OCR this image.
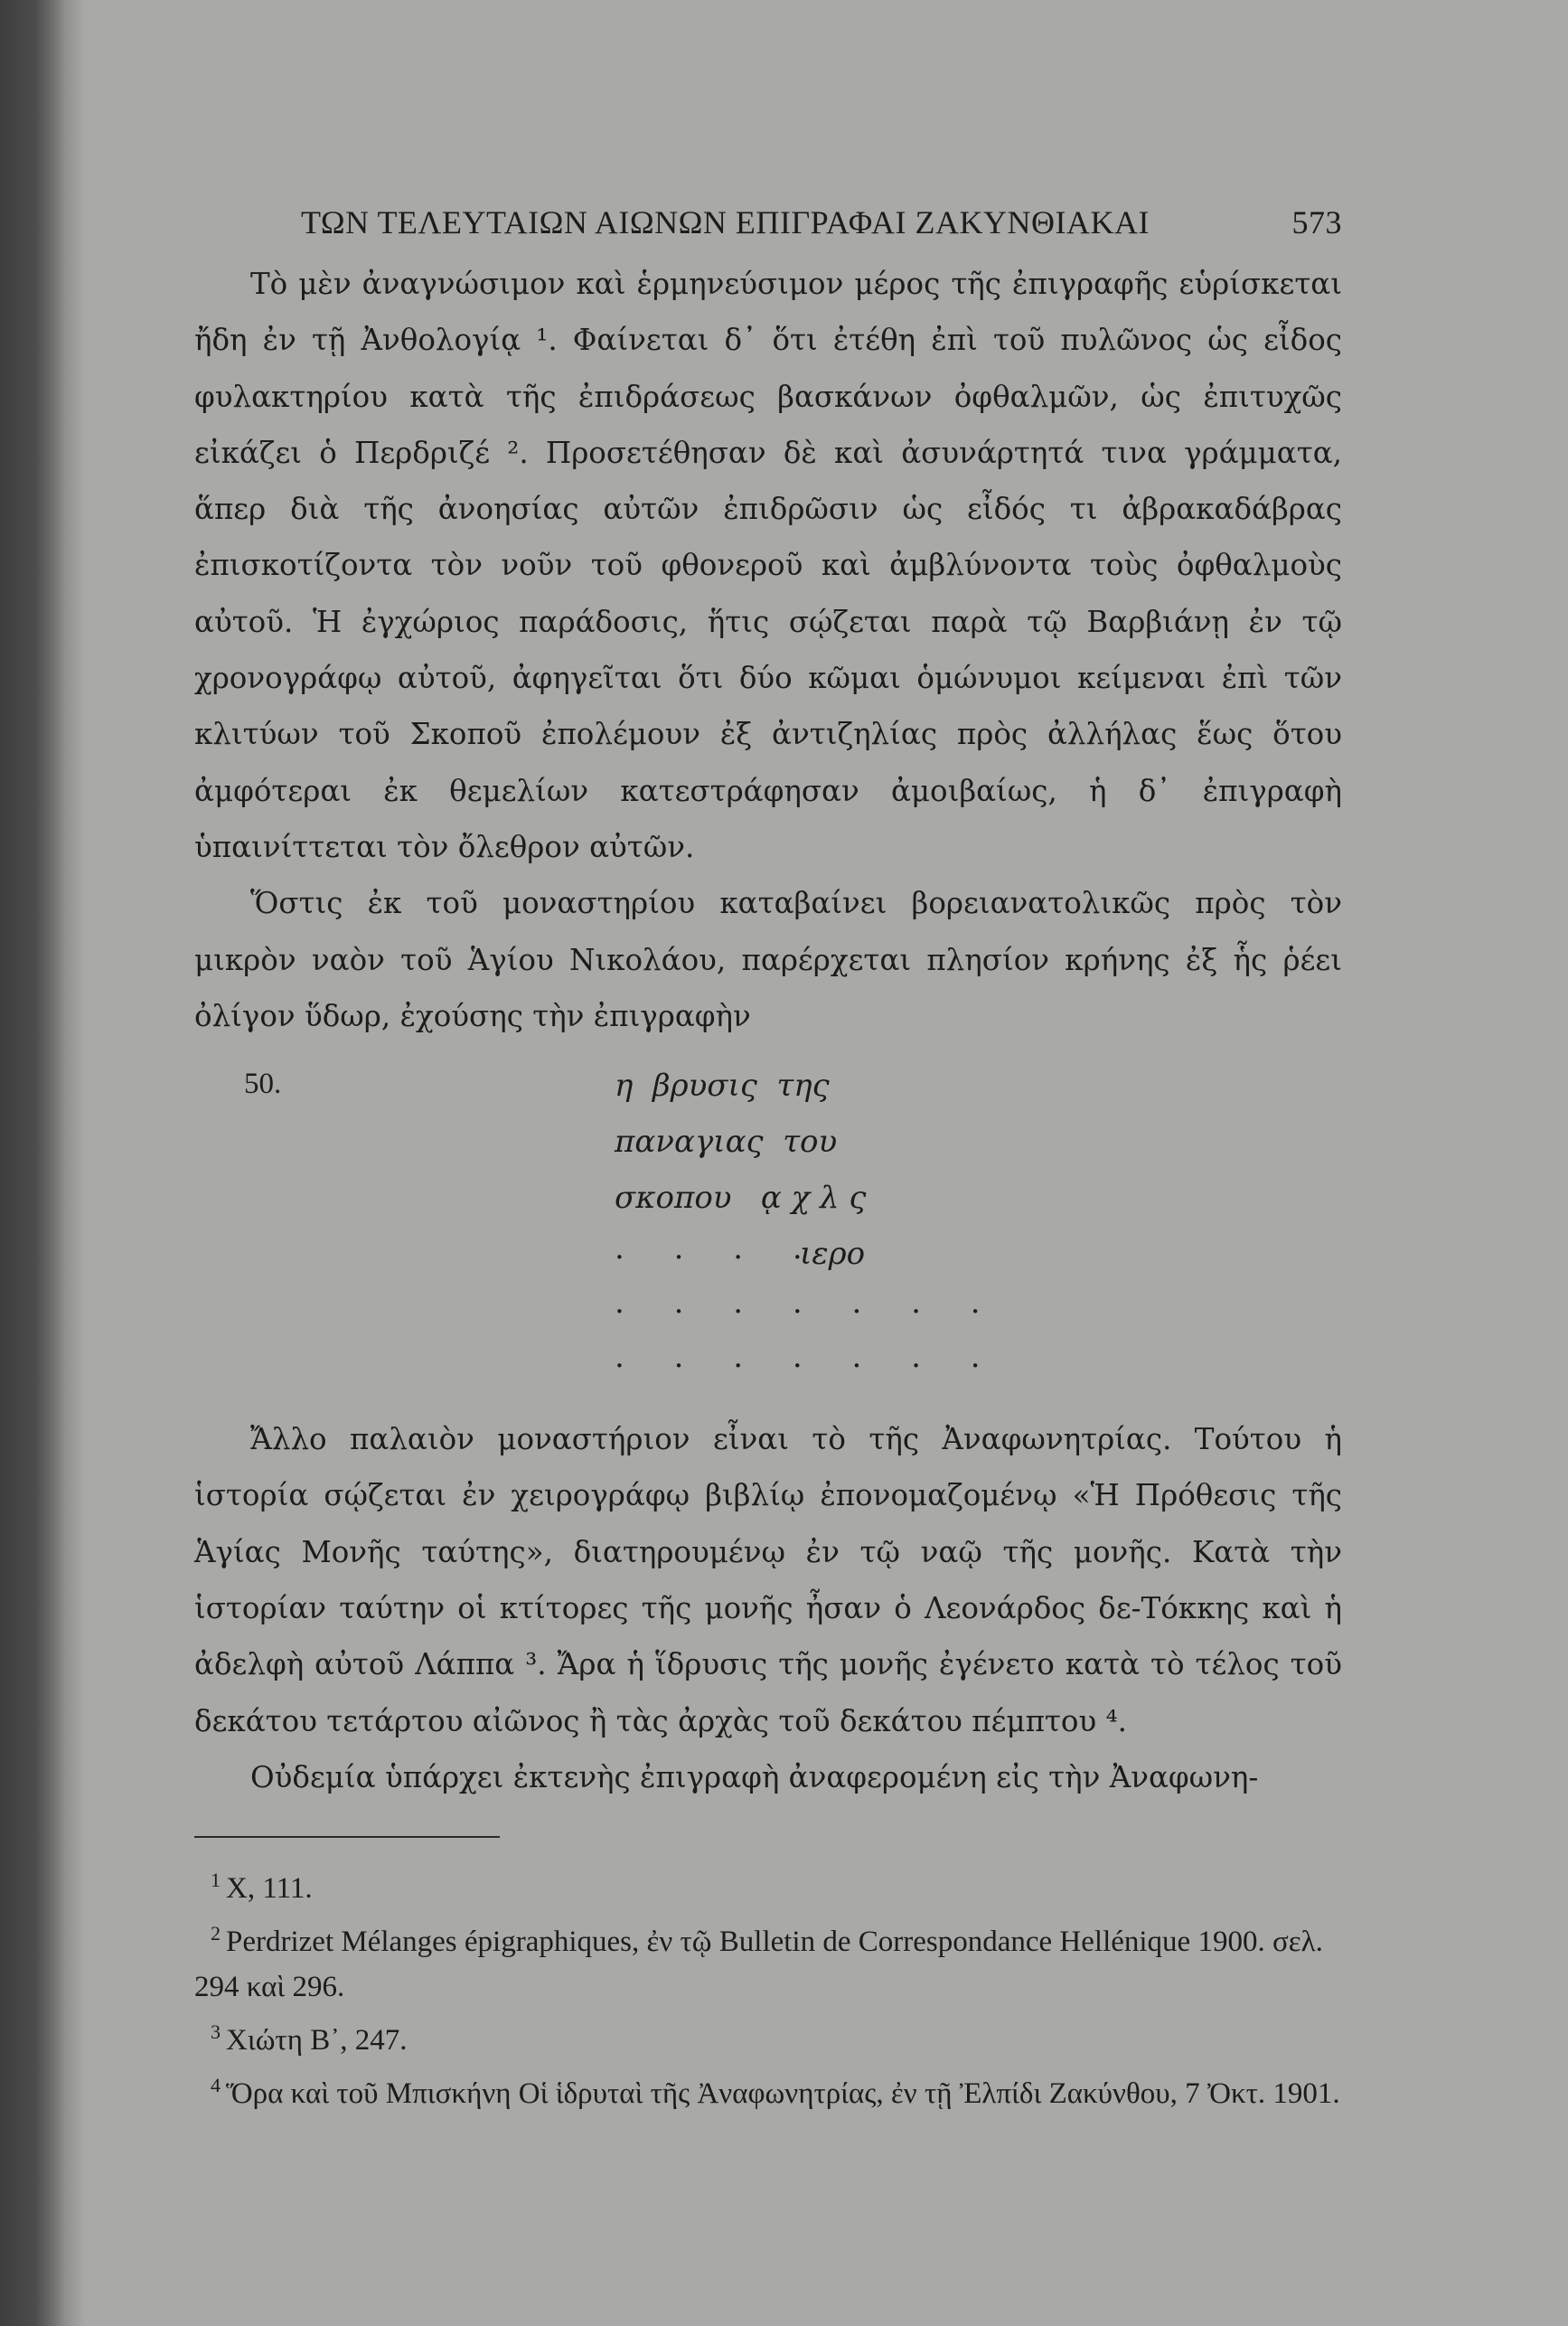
ΤΩΝ ΤΕΛΕΥΤΑΙΩΝ ΑΙΩΝΩΝ ΕΠΙΓΡΑΦΑΙ ΖΑΚΥΝΘΙΑΚΑΙ	573

Τὸ μὲν ἀναγνώσιμον καὶ ἑρμηνεύσιμον μέρος τῆς ἐπιγραφῆς εὑρίσκεται ἤδη ἐν τῇ Ἀνθολογίᾳ ¹. Φαίνεται δ᾽ ὅτι ἐτέθη ἐπὶ τοῦ πυλῶνος ὡς εἶδος φυλακτηρίου κατὰ τῆς ἐπιδράσεως βασκάνων ὀφθαλμῶν, ὡς ἐπιτυχῶς εἰκάζει ὁ Περδριζέ ². Προσετέθησαν δὲ καὶ ἀσυνάρτητά τινα γράμματα, ἅπερ διὰ τῆς ἀνοησίας αὐτῶν ἐπιδρῶσιν ὡς εἶδός τι ἀβρακαδάβρας ἐπισκοτίζοντα τὸν νοῦν τοῦ φθονεροῦ καὶ ἀμβλύνοντα τοὺς ὀφθαλμοὺς αὐτοῦ. Ἡ ἐγχώριος παράδοσις, ἥτις σῴζεται παρὰ τῷ Βαρβιάνῃ ἐν τῷ χρονογράφῳ αὐτοῦ, ἀφηγεῖται ὅτι δύο κῶμαι ὁμώνυμοι κείμεναι ἐπὶ τῶν κλιτύων τοῦ Σκοποῦ ἐπολέμουν ἐξ ἀντιζηλίας πρὸς ἀλλήλας ἕως ὅτου ἀμφότεραι ἐκ θεμελίων κατεστράφησαν ἀμοιβαίως, ἡ δ᾽ ἐπιγραφὴ ὑπαινίττεται τὸν ὄλεθρον αὐτῶν.

Ὅστις ἐκ τοῦ μοναστηρίου καταβαίνει βορειανατολικῶς πρὸς τὸν μικρὸν ναὸν τοῦ Ἁγίου Νικολάου, παρέρχεται πλησίον κρήνης ἐξ ἧς ῥέει ὀλίγον ὕδωρ, ἐχούσης τὴν ἐπιγραφὴν

50.	η  βρυσις  της
παναγιας  του
σκοπου   ᾳ χ λ ς
. . . .
ιερο
. . . . . . .
. . . . . . .

Ἄλλο παλαιὸν μοναστήριον εἶναι τὸ τῆς Ἀναφωνητρίας. Τούτου ἡ ἱστορία σῴζεται ἐν χειρογράφῳ βιβλίῳ ἐπονομαζομένῳ «Ἡ Πρόθεσις τῆς Ἁγίας Μονῆς ταύτης», διατηρουμένῳ ἐν τῷ ναῷ τῆς μονῆς. Κατὰ τὴν ἱστορίαν ταύτην οἱ κτίτορες τῆς μονῆς ἦσαν ὁ Λεονάρδος δε-Τόκκης καὶ ἡ ἀδελφὴ αὐτοῦ Λάππα ³. Ἄρα ἡ ἵδρυσις τῆς μονῆς ἐγένετο κατὰ τὸ τέλος τοῦ δεκάτου τετάρτου αἰῶνος ἢ τὰς ἀρχὰς τοῦ δεκάτου πέμπτου ⁴.

Οὐδεμία ὑπάρχει ἐκτενὴς ἐπιγραφὴ ἀναφερομένη εἰς τὴν Ἀναφωνη-

$^1$ Χ, 111.

$^2$ Perdrizet Mélanges épigraphiques, ἐν τῷ Bulletin de Correspondance Hellénique 1900. σελ. 294 καὶ 296.

$^3$ Χιώτη Β᾽, 247.

$^4$ Ὅρα καὶ τοῦ Μπισκήνη Οἱ ἱδρυταὶ τῆς Ἀναφωνητρίας, ἐν τῇ Ἐλπίδι Ζακύνθου, 7 Ὀκτ. 1901.
